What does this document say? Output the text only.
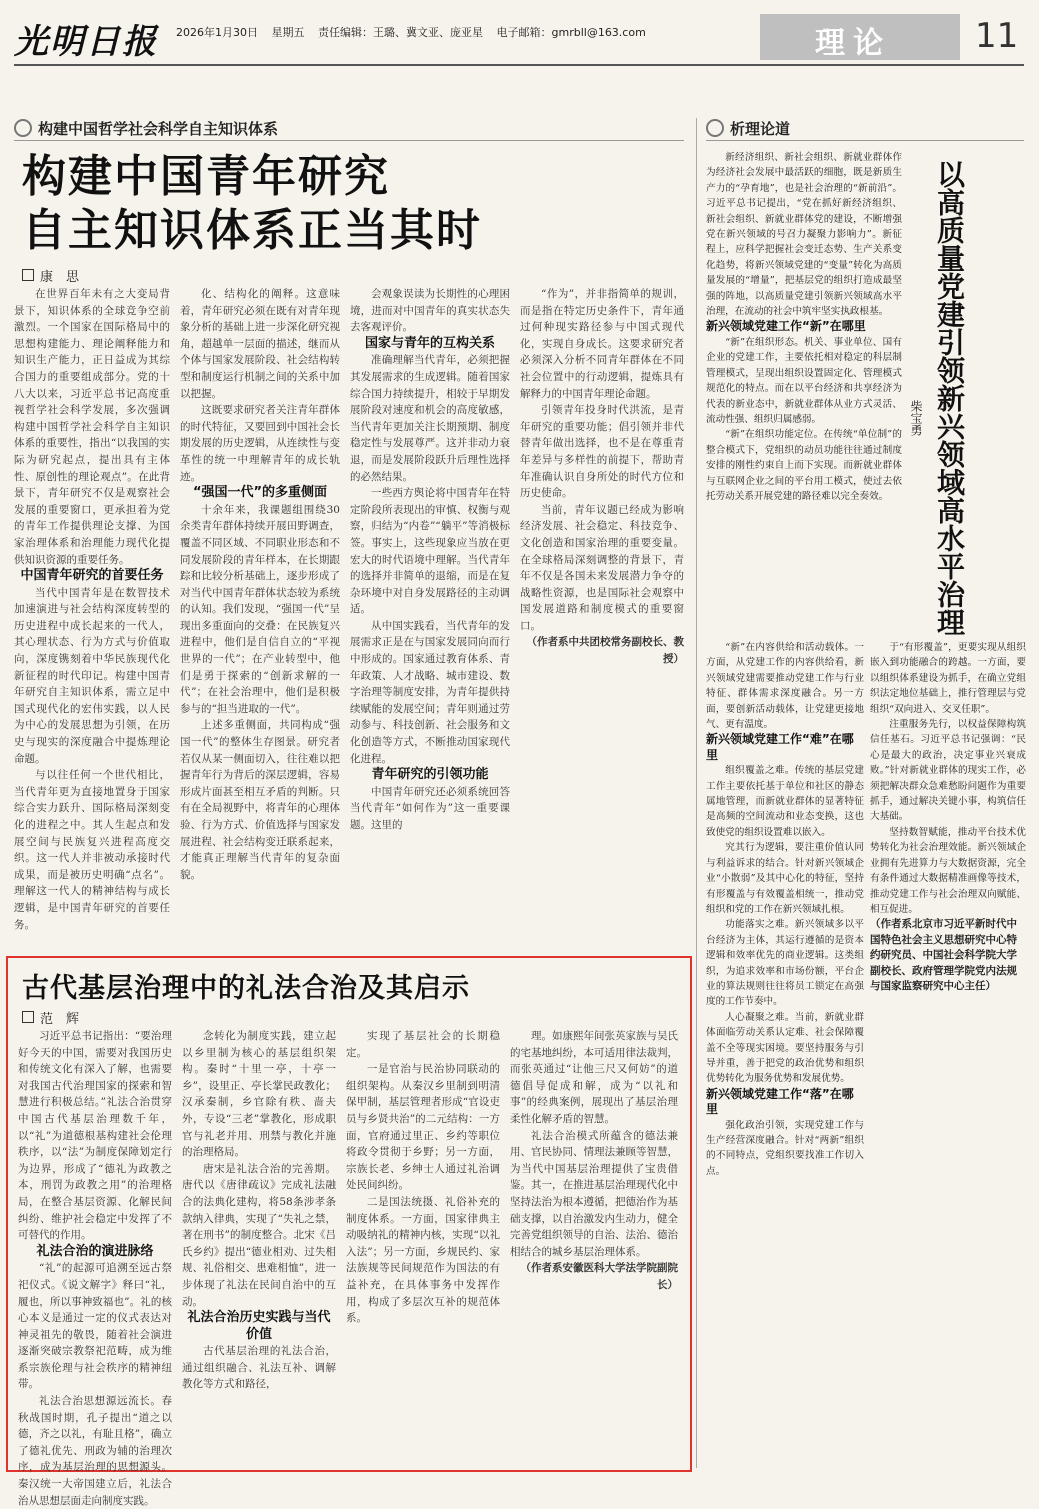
光明日报 2026年1月30日 星期五 责任编辑：王璐、冀文亚、庞亚星 电子邮箱：gmrbll@163.com	理论 11
构建中国哲学社会科学自主知识体系
构建中国青年研究
自主知识体系正当其时
康　思

在世界百年未有之大变局背景下，知识体系的全球竞争空前激烈。一个国家在国际格局中的思想构建能力、理论阐释能力和知识生产能力，正日益成为其综合国力的重要组成部分。党的十八大以来，习近平总书记高度重视哲学社会科学发展，多次强调构建中国哲学社会科学自主知识体系的重要性，指出“以我国的实际为研究起点，提出具有主体性、原创性的理论观点”。在此背景下，青年研究不仅是观察社会发展的重要窗口，更承担着为党的青年工作提供理论支撑、为国家治理体系和治理能力现代化提供知识资源的重要任务。

中国青年研究的首要任务

当代中国青年是在数智技术加速演进与社会结构深度转型的历史进程中成长起来的一代人，其心理状态、行为方式与价值取向，深度镌刻着中华民族现代化新征程的时代印记。构建中国青年研究自主知识体系，需立足中国式现代化的宏伟实践，以人民为中心的发展思想为引领，在历史与现实的深度融合中提炼理论命题。

与以往任何一个世代相比，当代青年更为直接地置身于国家综合实力跃升、国际格局深刻变化的进程之中。其人生起点和发展空间与民族复兴进程高度交织。这一代人并非被动承接时代成果，而是被历史明确“点名”。理解这一代人的精神结构与成长逻辑，是中国青年研究的首要任务。

化、结构化的阐释。这意味着，青年研究必须在既有对青年现象分析的基础上进一步深化研究视角，超越单一层面的描述，继而从个体与国家发展阶段、社会结构转型和制度运行机制之间的关系中加以把握。

这既要求研究者关注青年群体的时代特征，又要回到中国社会长期发展的历史逻辑，从连续性与变革性的统一中理解青年的成长轨迹。

“强国一代”的多重侧面

十余年来，我课题组围绕30余类青年群体持续开展田野调查，覆盖不同区域、不同职业形态和不同发展阶段的青年样本，在长期跟踪和比较分析基础上，逐步形成了对当代中国青年群体状态较为系统的认知。我们发现，“强国一代”呈现出多重面向的交叠：在民族复兴进程中，他们是自信自立的“平视世界的一代”；在产业转型中，他们是勇于探索的“创新求解的一代”；在社会治理中，他们是积极参与的“担当进取的一代”。

上述多重侧面，共同构成“强国一代”的整体生存图景。研究者若仅从某一侧面切入，往往难以把握青年行为背后的深层逻辑，容易形成片面甚至相互矛盾的判断。只有在全局视野中，将青年的心理体验、行为方式、价值选择与国家发展进程、社会结构变迁联系起来，才能真正理解当代青年的复杂面貌。

会观象误读为长期性的心理困境，进而对中国青年的真实状态失去客观评价。

国家与青年的互构关系

准确理解当代青年，必须把握其发展需求的生成逻辑。随着国家综合国力持续提升，相较于早期发展阶段对速度和机会的高度敏感，当代青年更加关注长期预期、制度稳定性与发展尊严。这并非动力衰退，而是发展阶段跃升后理性选择的必然结果。

一些西方舆论将中国青年在特定阶段所表现出的审慎、权衡与观察，归结为“内卷”“躺平”等消极标签。事实上，这些现象应当放在更宏大的时代语境中理解。当代青年的选择并非简单的退缩，而是在复杂环境中对自身发展路径的主动调适。

从中国实践看，当代青年的发展需求正是在与国家发展同向而行中形成的。国家通过教育体系、青年政策、人才战略、城市建设、数字治理等制度安排，为青年提供持续赋能的发展空间；青年则通过劳动参与、科技创新、社会服务和文化创造等方式，不断推动国家现代化进程。

青年研究的引领功能

中国青年研究还必须系统回答当代青年“如何作为”这一重要课题。这里的

“作为”，并非指简单的规训，而是指在特定历史条件下，青年通过何种现实路径参与中国式现代化，实现自身成长。这要求研究者必须深入分析不同青年群体在不同社会位置中的行动逻辑，提炼具有解释力的中国青年理论命题。

引领青年投身时代洪流，是青年研究的重要功能；倡引领并非代替青年做出选择，也不是在尊重青年差异与多样性的前提下，帮助青年准确认识自身所处的时代方位和历史使命。

当前，青年议题已经成为影响经济发展、社会稳定、科技竞争、文化创造和国家治理的重要变量。在全球格局深刻调整的背景下，青年不仅是各国未来发展潜力争夺的战略性资源，也是国际社会观察中国发展道路和制度模式的重要窗口。

（作者系中共团校常务副校长、教授）

古代基层治理中的礼法合治及其启示
范　辉

习近平总书记指出：“要治理好今天的中国，需要对我国历史和传统文化有深入了解，也需要对我国古代治理国家的探索和智慧进行积极总结。”礼法合治贯穿中国古代基层治理数千年，以“礼”为道德根基构建社会伦理秩序，以“法”为制度保障划定行为边界，形成了“德礼为政教之本，刑罚为政教之用”的治理格局，在整合基层资源、化解民间纠纷、维护社会稳定中发挥了不可替代的作用。

礼法合治的演进脉络

“礼”的起源可追溯至远古祭祀仪式。《说文解字》释曰“礼，履也，所以事神致福也”。礼的核心本义是通过一定的仪式表达对神灵祖先的敬畏，随着社会演进逐渐突破宗教祭祀范畴，成为维系宗族伦理与社会秩序的精神纽带。

礼法合治思想源远流长。春秋战国时期，孔子提出“道之以德，齐之以礼，有耻且格”，确立了德礼优先、刑政为辅的治理次序，成为基层治理的思想源头。秦汉统一大帝国建立后，礼法合治从思想层面走向制度实践。

念转化为制度实践，建立起以乡里制为核心的基层组织架构。秦时“十里一亭，十亭一乡”，设里正、亭长掌民政教化；汉承秦制，乡官除有秩、啬夫外，专设“三老”掌教化，形成职官与礼老并用、刑禁与教化并施的治理格局。

唐宋是礼法合治的完善期。唐代以《唐律疏议》完成礼法融合的法典化建构，将58条涉孝条款纳入律典，实现了“失礼之禁，著在刑书”的制度整合。北宋《吕氏乡约》提出“德业相劝、过失相规、礼俗相交、患难相恤”，进一步体现了礼法在民间自治中的互动。

礼法合治历史实践与当代价值

古代基层治理的礼法合治，通过组织融合、礼法互补、调解教化等方式和路径，

实现了基层社会的长期稳定。

一是官治与民治协同联动的组织架构。从秦汉乡里制到明清保甲制，基层管理者形成“官设吏员与乡贤共治”的二元结构：一方面，官府通过里正、乡约等职位将政令贯彻于乡野；另一方面，宗族长老、乡绅士人通过礼治调处民间纠纷。

二是国法统摄、礼俗补充的制度体系。一方面，国家律典主动吸纳礼的精神内核，实现“以礼入法”；另一方面，乡规民约、家法族规等民间规范作为国法的有益补充，在具体事务中发挥作用，构成了多层次互补的规范体系。

理。如康熙年间张英家族与吴氏的宅基地纠纷，本可适用律法裁判，而张英通过“让他三尺又何妨”的道德倡导促成和解，成为“以礼和事”的经典案例，展现出了基层治理柔性化解矛盾的智慧。

礼法合治模式所蕴含的德法兼用、官民协同、情理法兼顾等智慧，为当代中国基层治理提供了宝贵借鉴。其一，在推进基层治理现代化中坚持法治为根本遵循，把德治作为基础支撑，以自治激发内生动力，健全完善党组织领导的自治、法治、德治相结合的城乡基层治理体系。

（作者系安徽医科大学法学院副院长）

析理论道
以高质量党建引领新兴领域高水平治理
柴宝勇

新经济组织、新社会组织、新就业群体作为经济社会发展中最活跃的细胞，既是新质生产力的“孕育地”，也是社会治理的“新前沿”。习近平总书记提出，“党在抓好新经济组织、新社会组织、新就业群体党的建设，不断增强党在新兴领域的号召力凝聚力影响力”。新征程上，应科学把握社会变迁态势、生产关系变化趋势，将新兴领域党建的“变量”转化为高质量发展的“增量”，把基层党的组织打造成最坚强的阵地，以高质量党建引领新兴领域高水平治理，在流动的社会中筑牢坚实执政根基。

新兴领域党建工作“新”在哪里

“新”在组织形态。机关、事业单位、国有企业的党建工作，主要依托相对稳定的科层制管理模式，呈现出组织设置固定化、管理模式规范化的特点。而在以平台经济和共享经济为代表的新业态中，新就业群体从业方式灵活、流动性强、组织归属感弱。

“新”在组织功能定位。在传统“单位制”的整合模式下，党组织的动员功能往往通过制度安排的刚性约束自上而下实现。而新就业群体与互联网企业之间的平台用工模式，使过去依托劳动关系开展党建的路径难以完全奏效。

“新”在内容供给和活动载体。一方面，从党建工作的内容供给看，新兴领域党建需要推动党建工作与行业特征、群体需求深度融合。另一方面，要创新活动载体，让党建更接地气、更有温度。

新兴领域党建工作“难”在哪里

组织覆盖之难。传统的基层党建工作主要依托基于单位和社区的静态属地管理，而新就业群体的显著特征是高频的空间流动和业态变换，这也致使党的组织设置难以嵌入。

究其行为逻辑，要注重价值认同与利益诉求的结合。针对新兴领域企业“小散弱”及其中心化的特征，坚持有形覆盖与有效覆盖相统一，推动党组织和党的工作在新兴领域扎根。

功能落实之难。新兴领域多以平台经济为主体，其运行遵循的是资本逻辑和效率优先的商业逻辑。这类组织，为追求效率和市场份额，平台企业的算法规则往往将员工锁定在高强度的工作节奏中。

人心凝聚之难。当前，新就业群体面临劳动关系认定难、社会保障覆盖不全等现实困境。要坚持服务与引导并重，善于把党的政治优势和组织优势转化为服务优势和发展优势。

新兴领域党建工作“落”在哪里

强化政治引领，实现党建工作与生产经营深度融合。针对“两新”组织的不同特点，党组织要找准工作切入点。

于“有形覆盖”，更要实现从组织嵌入到功能融合的跨越。一方面，要以组织体系建设为抓手，在确立党组织法定地位基础上，推行管理层与党组织“双向进入、交叉任职”。

注重服务先行，以权益保障构筑信任基石。习近平总书记强调：“民心是最大的政治，决定事业兴衰成败。”针对新就业群体的现实工作，必须把解决群众急难愁盼问题作为重要抓手，通过解决关键小事，构筑信任大基础。

坚持数智赋能，推动平台技术优势转化为社会治理效能。新兴领域企业拥有先进算力与大数据资源，完全有条件通过大数据精准画像等技术，推动党建工作与社会治理双向赋能、相互促进。

（作者系北京市习近平新时代中国特色社会主义思想研究中心特约研究员、中国社会科学院大学副校长、政府管理学院党内法规与国家监察研究中心主任）
